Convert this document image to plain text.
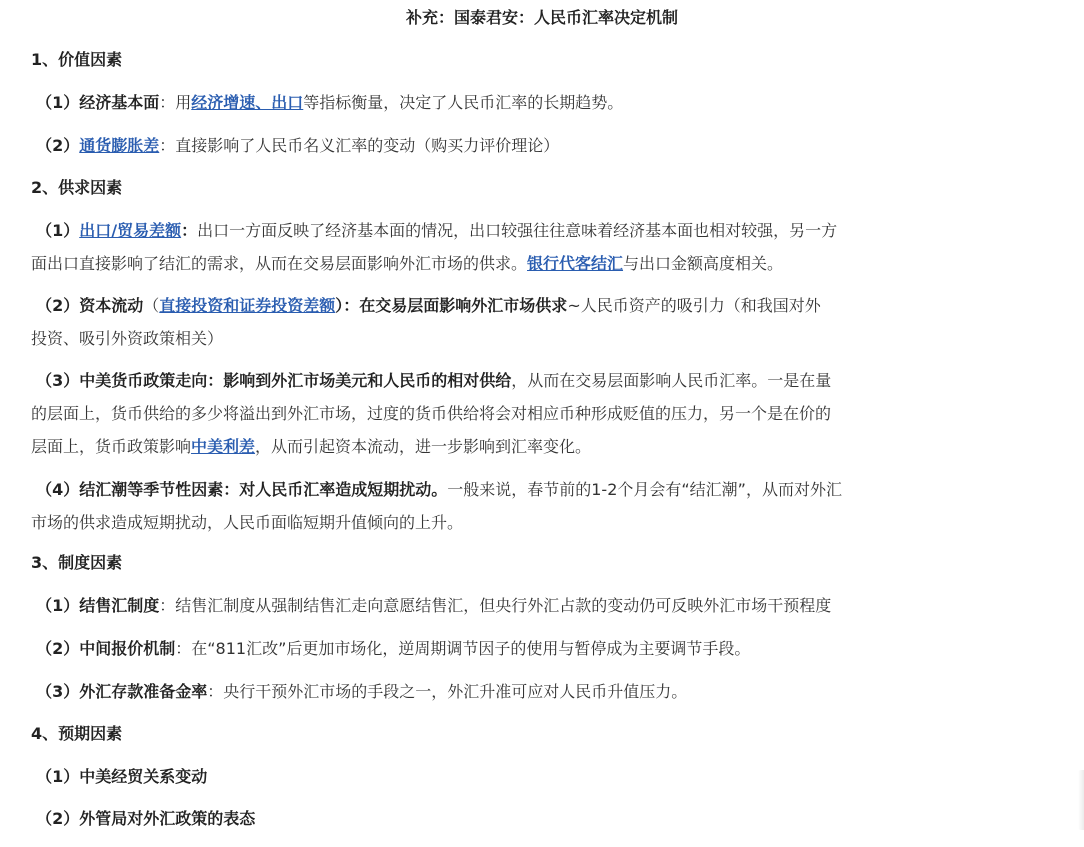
补充：国泰君安：人民币汇率决定机制
1、价值因素
（1）经济基本面：用经济增速、出口等指标衡量，决定了人民币汇率的长期趋势。
（2）通货膨胀差：直接影响了人民币名义汇率的变动（购买力评价理论）
2、供求因素
（1）出口/贸易差额：出口一方面反映了经济基本面的情况，出口较强往往意味着经济基本面也相对较强，另一方
面出口直接影响了结汇的需求，从而在交易层面影响外汇市场的供求。银行代客结汇与出口金额高度相关。
（2）资本流动（直接投资和证券投资差额）：在交易层面影响外汇市场供求~人民币资产的吸引力（和我国对外
投资、吸引外资政策相关）
（3）中美货币政策走向：影响到外汇市场美元和人民币的相对供给，从而在交易层面影响人民币汇率。一是在量
的层面上，货币供给的多少将溢出到外汇市场，过度的货币供给将会对相应币种形成贬值的压力，另一个是在价的
层面上，货币政策影响中美利差，从而引起资本流动，进一步影响到汇率变化。
（4）结汇潮等季节性因素：对人民币汇率造成短期扰动。一般来说，春节前的1-2个月会有“结汇潮”，从而对外汇
市场的供求造成短期扰动，人民币面临短期升值倾向的上升。
3、制度因素
（1）结售汇制度：结售汇制度从强制结售汇走向意愿结售汇，但央行外汇占款的变动仍可反映外汇市场干预程度
（2）中间报价机制：在“811汇改”后更加市场化，逆周期调节因子的使用与暂停成为主要调节手段。
（3）外汇存款准备金率：央行干预外汇市场的手段之一，外汇升准可应对人民币升值压力。
4、预期因素
（1）中美经贸关系变动
（2）外管局对外汇政策的表态
